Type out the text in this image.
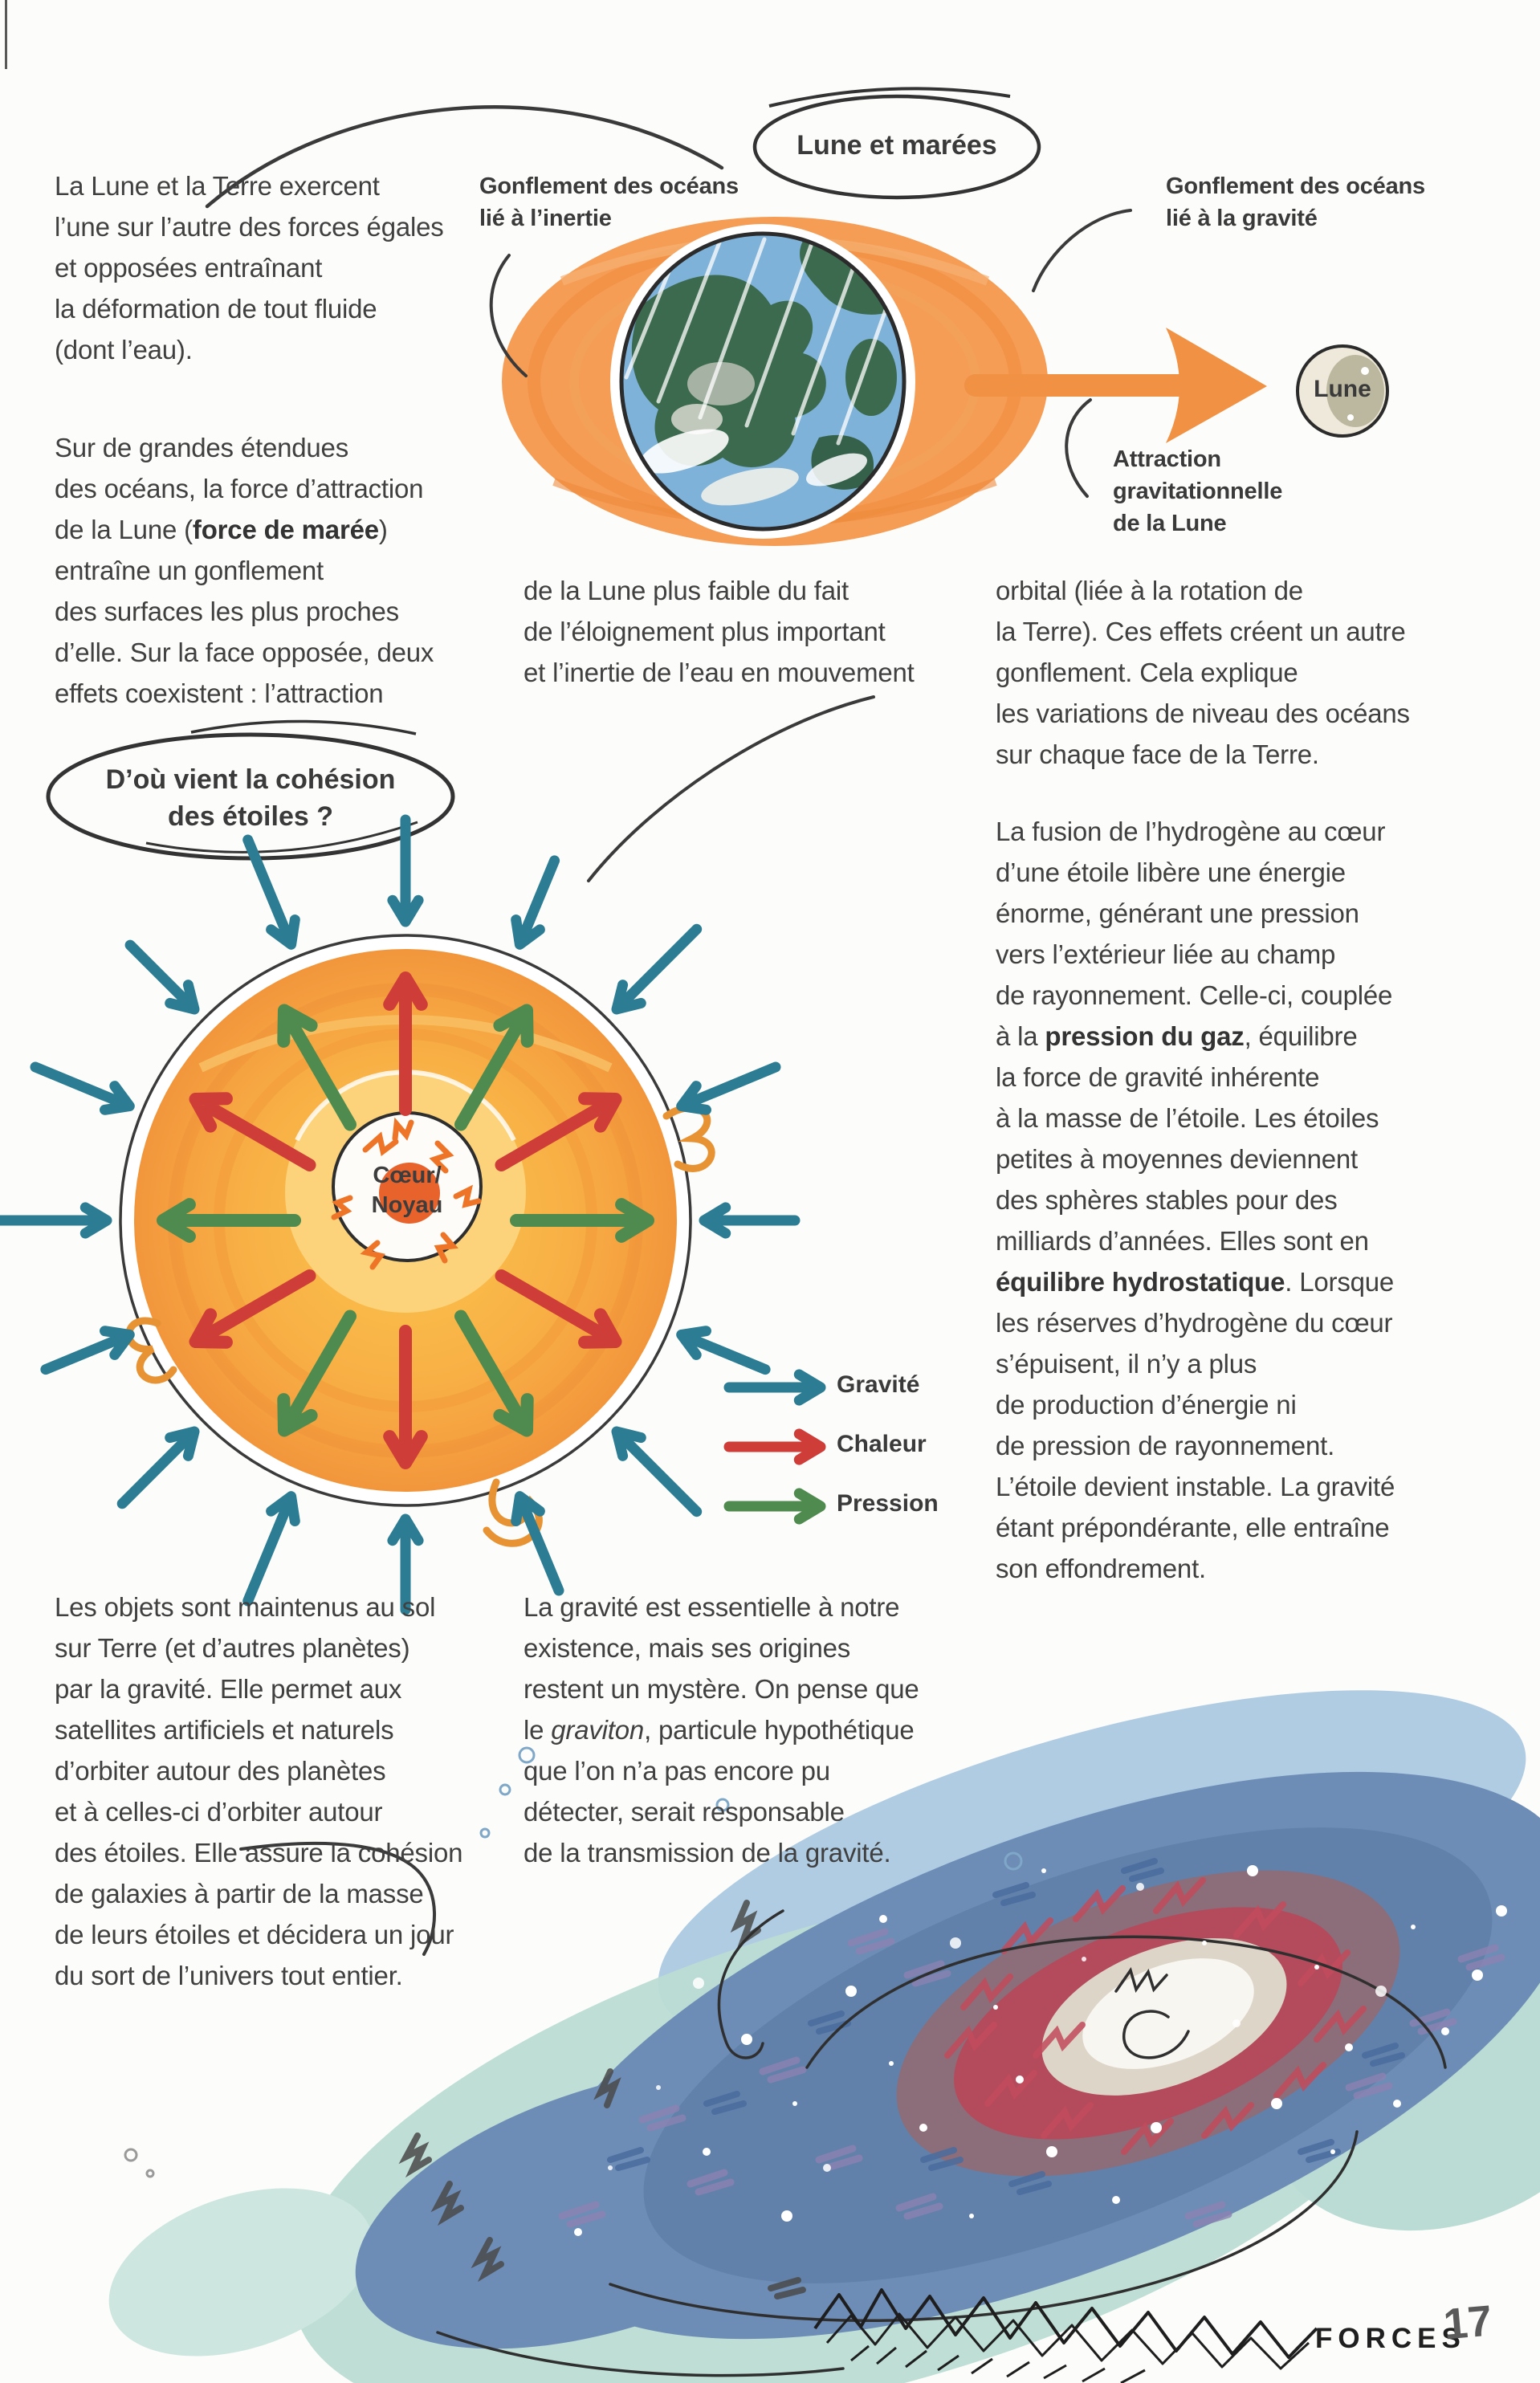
La Lune et la Terre exercent
l’une sur l’autre des forces égales
et opposées entraînant
la déformation de tout fluide
(dont l’eau).
Lune et marées
Gonflement des océans
lié à l’inertie
Gonflement des océans
lié à la gravité
Attraction
gravitationnelle
de la Lune
Lune
Sur de grandes étendues
des océans, la force d’attraction
de la Lune (force de marée)
entraîne un gonflement
des surfaces les plus proches
d’elle. Sur la face opposée, deux
effets coexistent : l’attraction
de la Lune plus faible du fait
de l’éloignement plus important
et l’inertie de l’eau en mouvement
orbital (liée à la rotation de
la Terre). Ces effets créent un autre
gonflement. Cela explique
les variations de niveau des océans
sur chaque face de la Terre.
D’où vient la cohésion
des étoiles ?	La fusion de l’hydrogène au cœur
d’une étoile libère une énergie
énorme, générant une pression
vers l’extérieur liée au champ
de rayonnement. Celle-ci, couplée
à la pression du gaz, équilibre
la force de gravité inhérente
à la masse de l’étoile. Les étoiles
petites à moyennes deviennent
des sphères stables pour des
milliards d’années. Elles sont en
équilibre hydrostatique. Lorsque
les réserves d’hydrogène du cœur
s’épuisent, il n’y a plus
de production d’énergie ni
de pression de rayonnement.
L’étoile devient instable. La gravité
étant prépondérante, elle entraîne
son effondrement.
Cœur/
Noyau
Gravité
Chaleur
Pression
Les objets sont maintenus au sol
sur Terre (et d’autres planètes)
par la gravité. Elle permet aux
satellites artificiels et naturels
d’orbiter autour des planètes
et à celles-ci d’orbiter autour
des étoiles. Elle assure la cohésion
de galaxies à partir de la masse
de leurs étoiles et décidera un jour
du sort de l’univers tout entier.
La gravité est essentielle à notre
existence, mais ses origines
restent un mystère. On pense que
le graviton, particule hypothétique
que l’on n’a pas encore pu
détecter, serait responsable
de la transmission de la gravité.
FORCES
17
